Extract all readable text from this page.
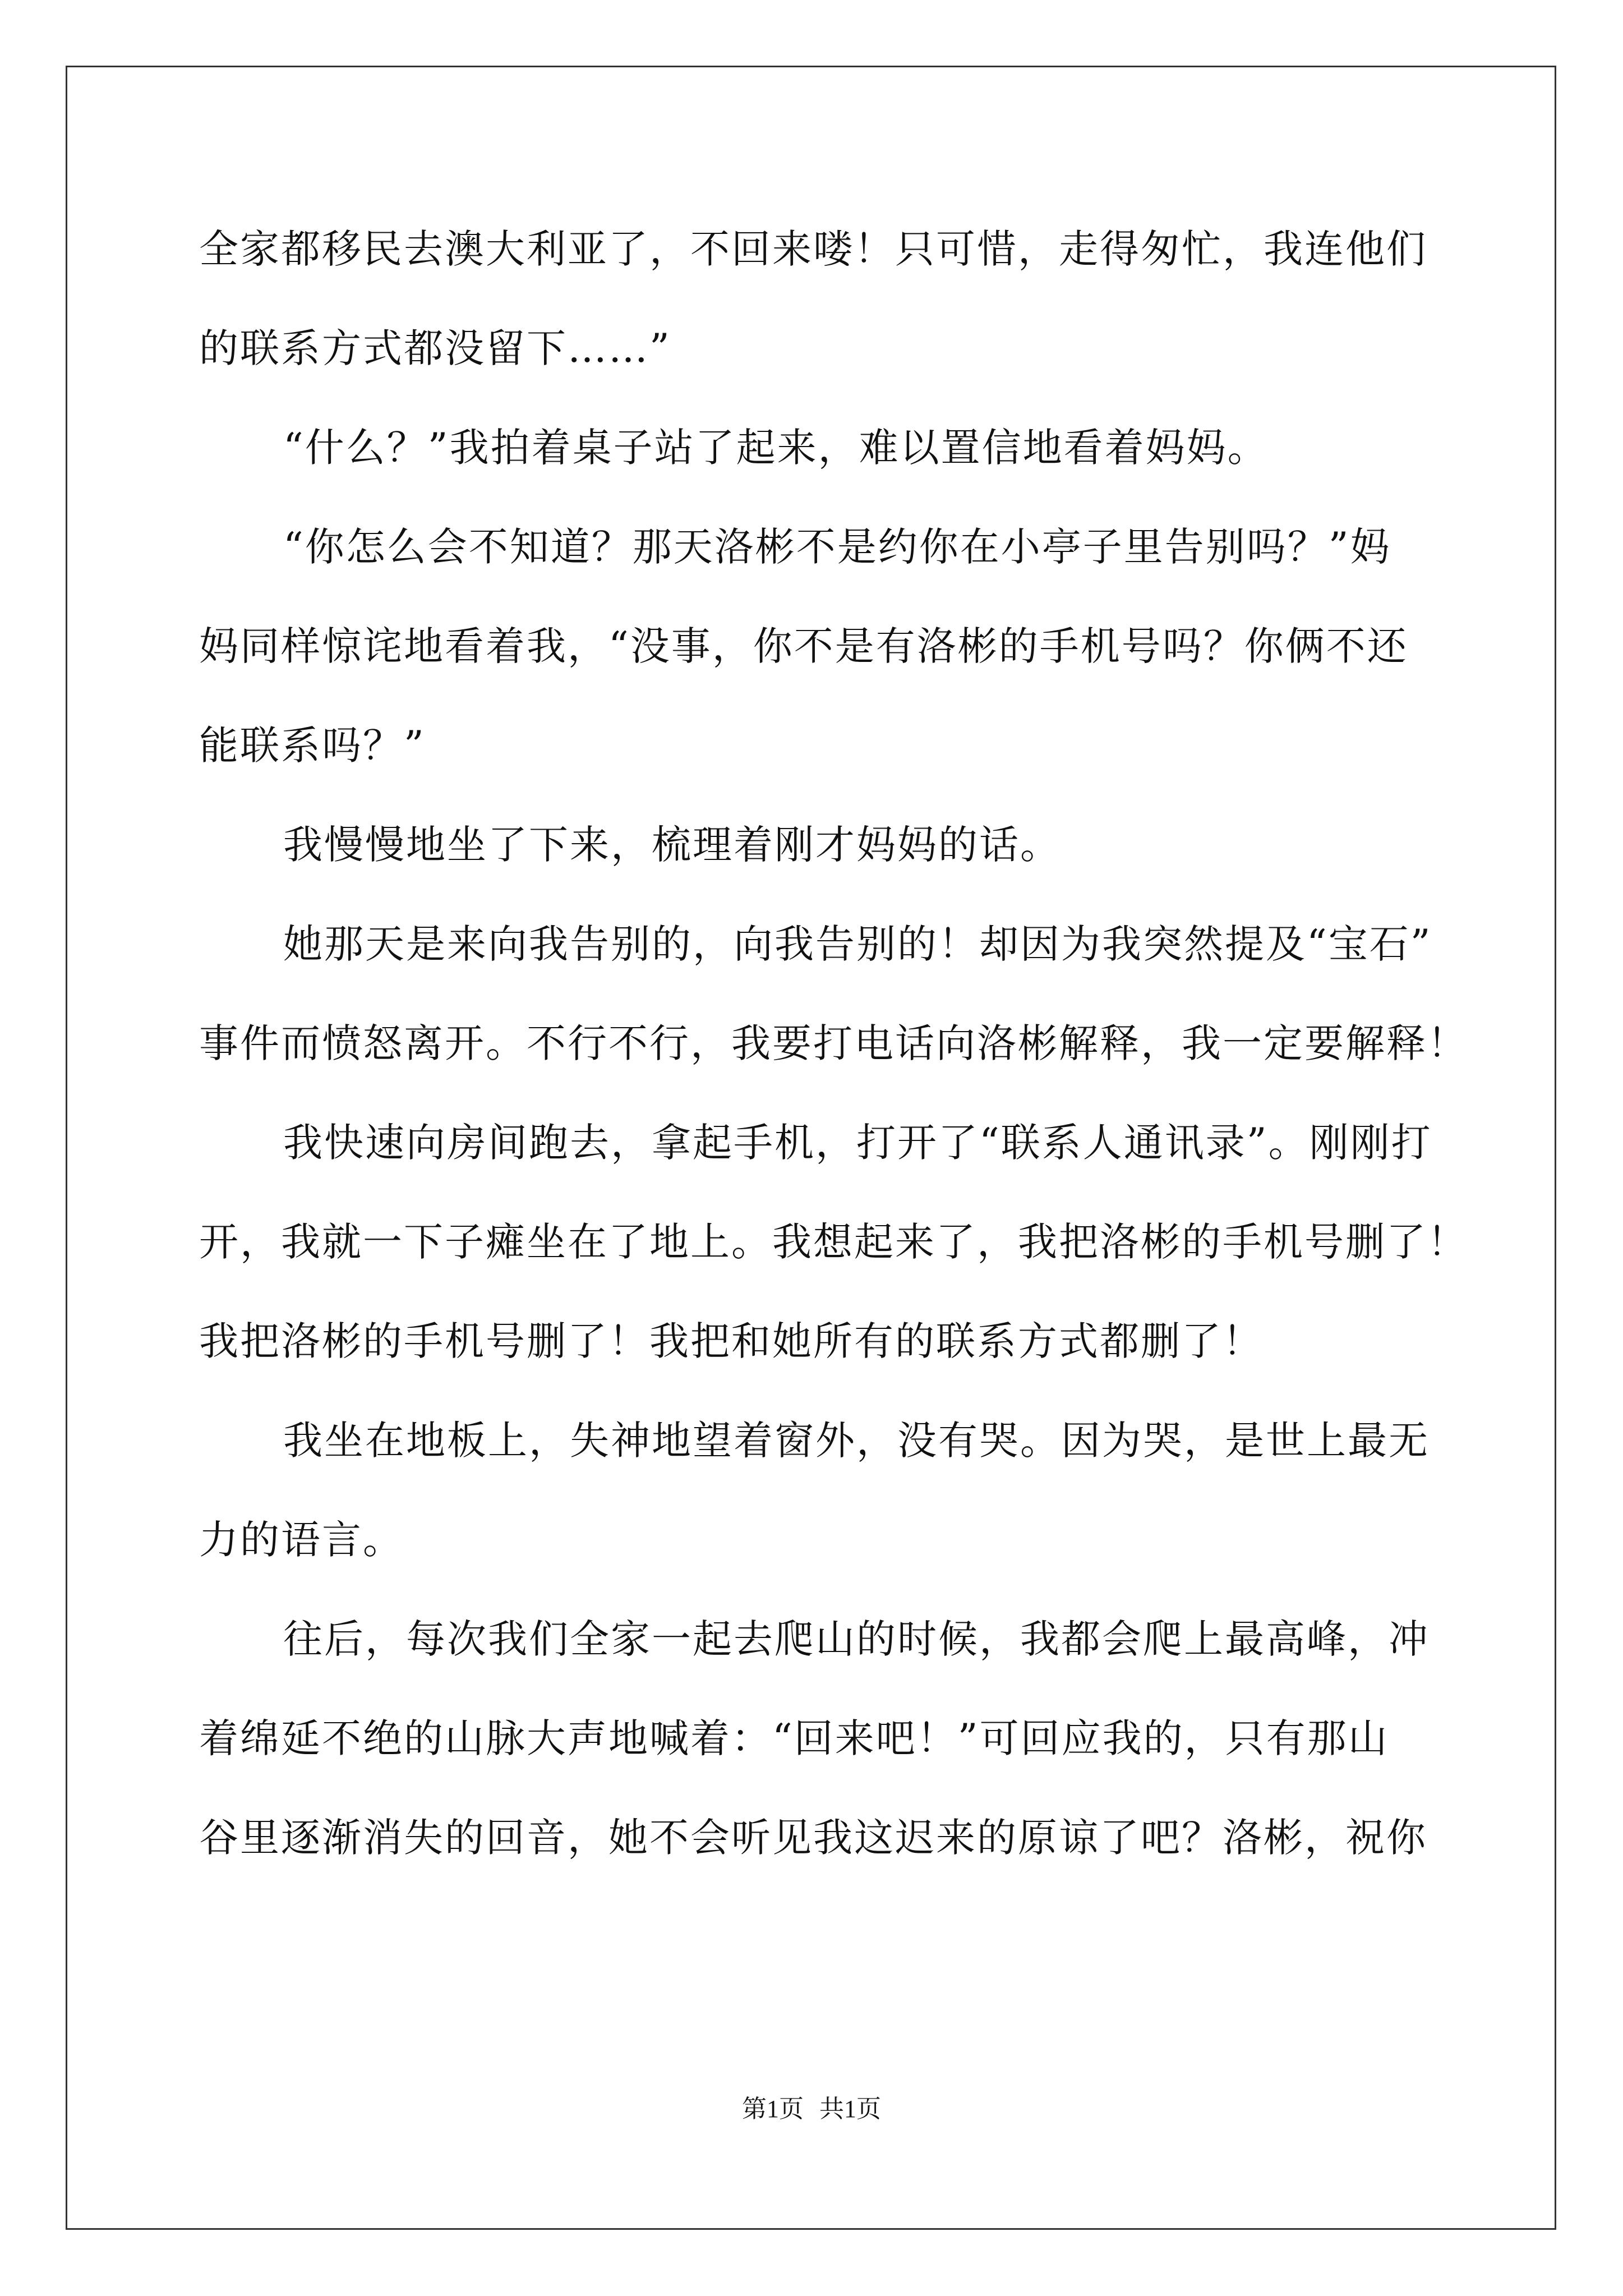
全家都移民去澳大利亚了，不回来喽！只可惜，走得匆忙，我连他们
的联系方式都没留下……”
“什么？”我拍着桌子站了起来，难以置信地看着妈妈。
“你怎么会不知道？那天洛彬不是约你在小亭子里告别吗？”妈
妈同样惊诧地看着我，“没事，你不是有洛彬的手机号吗？你俩不还
能联系吗？”
我慢慢地坐了下来，梳理着刚才妈妈的话。
她那天是来向我告别的，向我告别的！却因为我突然提及“宝石”
事件而愤怒离开。不行不行，我要打电话向洛彬解释，我一定要解释！
我快速向房间跑去，拿起手机，打开了“联系人通讯录”。刚刚打
开，我就一下子瘫坐在了地上。我想起来了，我把洛彬的手机号删了！
我把洛彬的手机号删了！我把和她所有的联系方式都删了！
我坐在地板上，失神地望着窗外，没有哭。因为哭，是世上最无
力的语言。
往后，每次我们全家一起去爬山的时候，我都会爬上最高峰，冲
着绵延不绝的山脉大声地喊着：“回来吧！”可回应我的，只有那山
谷里逐渐消失的回音，她不会听见我这迟来的原谅了吧？洛彬，祝你
第1页 共1页
